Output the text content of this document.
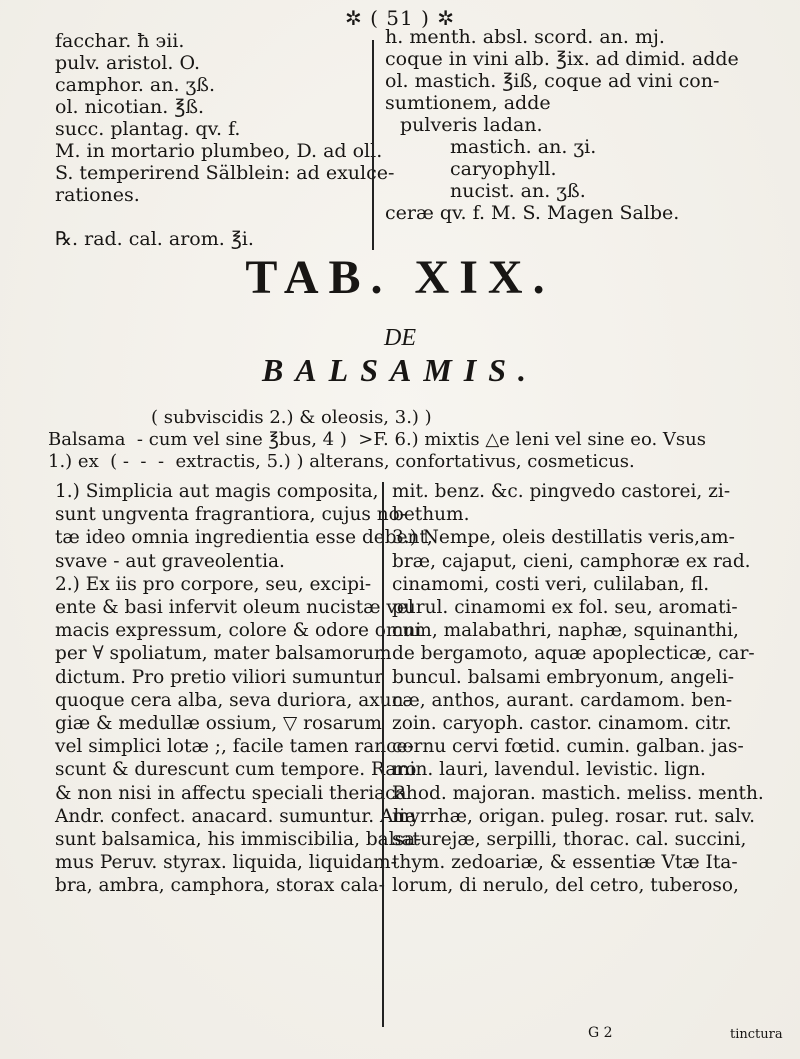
✲ ( 51 ) ✲
facchar. ħ ϶ii.
pulv. aristol. O.
camphor. an. ʒß.
ol. nicotian. ℥ß.
succ. plantag. qv. f.
M. in mortario plumbeo, D. ad oll.
S. temperirend Sälblein: ad exulce-
rationes.

℞. rad. cal. arom. ℥i.
h. menth. absl. scord. an. mj.
coque in vini alb. ℥ix. ad dimid. adde
ol. mastich. ℥iß, coque ad vini con-
sumtionem, adde
pulveris ladan.
mastich. an. ʒi.
caryophyll.
nucist. an. ʒß.
ceræ qv. f. M. S. Magen Salbe.
TAB. XIX.
DE
BALSAMIS.
( subviscidis 2.) & oleosis, 3.) )
Balsama  - cum vel sine ℥bus, 4 )  >F. 6.) mixtis △e leni vel sine eo. Vsus
1.) ex  ( -  -  -  extractis, 5.) ) alterans, confortativus, cosmeticus.
1.) Simplicia aut magis composita,
sunt ungventa fragrantiora, cujus no-
tæ ideo omnia ingredientia esse debent,
svave - aut graveolentia.
2.) Ex iis pro corpore, seu, excipi-
ente & basi infervit oleum nucistæ vel
macis expressum, colore & odore omni
per ∀ spoliatum, mater balsamorum
dictum. Pro pretio viliori sumuntur
quoque cera alba, seva duriora, axun-
giæ & medullæ ossium, ▽ rosarum
vel simplici lotæ ;, facile tamen rance-
scunt & durescunt cum tempore. Raro
& non nisi in affectu speciali theriaca
Andr. confect. anacard. sumuntur. Alia
sunt balsamica, his immiscibilia, balsa-
mus Peruv. styrax. liquida, liquidam-
bra, ambra, camphora, storax cala-
mit. benz. &c. pingvedo castorei, zi-
bethum.
3.) Nempe, oleis destillatis veris,am-
bræ, cajaput, cieni, camphoræ ex rad.
cinamomi, costi veri, culilaban, fl.
purul. cinamomi ex fol. seu, aromati-
cum, malabathri, naphæ, squinanthi,
de bergamoto, aquæ apoplecticæ, car-
buncul. balsami embryonum, angeli-
cæ, anthos, aurant. cardamom. ben-
zoin. caryoph. castor. cinamom. citr.
cornu cervi fœtid. cumin. galban. jas-
min. lauri, lavendul. levistic. lign.
Rhod. majoran. mastich. meliss. menth.
myrrhæ, origan. puleg. rosar. rut. salv.
saturejæ, serpilli, thorac. cal. succini,
thym. zedoariæ, & essentiæ Vtæ Ita-
lorum, di nerulo, del cetro, tuberoso,
G 2	tinctura
